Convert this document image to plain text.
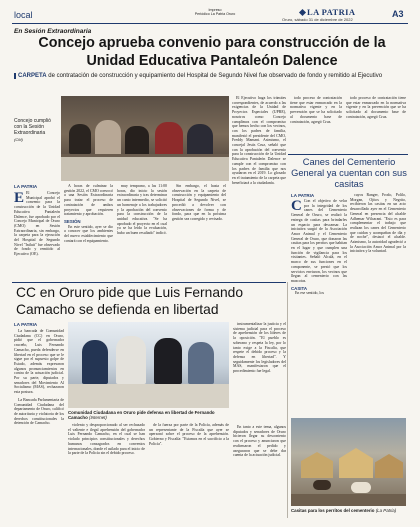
local	Impreso
Periódico La Patria Oruro	LA PATRIA
Oruro, sábado 31 de diciembre de 2022
A3
En Sesión Extraordinaria
Concejo aprueba convenio para construcción de la Unidad Educativa Pantaleón Dalence
CARPETA de contratación de construcción y equipamiento del Hospital de Segundo Nivel fue observado de fondo y remitido al Ejecutivo
Concejo cumplió con la Sesión Extraordinaria
(CM)
LA PATRIA
E El Concejo Municipal aprobó el convenio para la construcción de la Unidad Educativa Pantaleón Dalence, fue aprobado por el Concejo Municipal de Oruro (CMO) en Sesión Extraordinaria, sin embargo, la carpeta para la ejecución del Hospital de Segundo Nivel "Iniluit" fue observado de fondo y remitido al Ejecutivo (OE).

A horas de culminar la gestión 2022, el CMO convocó a una Sesión Extraordinaria para tratar el proceso de contratación de ambos proyectos que requieren tratamiento y aprobación.

SESIÓN

En este sentido, ayer se dio a conocer que los ambientes del nuevo establecimiento que contará con el equipamiento.

muy temprano, a las 11:00 horas, dio inicio la sesión extraordinaria y tras determinar un canto intermedio, se solicitó un homenaje a los trabajadores y la aprobación del convenio para la construcción de la unidad educativa. "Se ha aprobado el proyecto en el cual ya se ha leído la evaluación, hubo un buen resultado" indicó.

El Ejecutivo haga los trámites correspondientes, de acuerdo a las exigencias de la Unidad de Proyectos Especiales (UPRE), nosotros como Concejo cumplimos con el compromiso que hemos hecho con los vecinos, con los padres de familia, manifestó el presidente del CMO, Freddy Mamani. Asimismo, el concejal Jesús Cruz, señaló que con la aprobación del convenio para la construcción de la Unidad Educativa Pantaleón Dalence se cumple con el compromiso con los padres de familia que nos ayudaron en el 2019. Lo glosado en el tratamiento de la carpeta que beneficiará a la ciudadanía.

Sin embargo, el hasta el observación en la carpeta de construcción y equipamiento del Hospital de Segundo Nivel, se procedió a devolver con observaciones de forma y de fondo, para que en la próxima gestión sea corregido y revisado.

todo proceso de contratación tiene que estar enmarcado en la normativa vigente y en la prevención que se ha solicitado al documento base de contratación, agregó Cruz.

todo proceso de contratación tiene que estar enmarcado en la normativa vigente y en la prevención que se ha solicitado al documento base de contratación, agregó Cruz.

Canes del Cementerio General ya cuentan con sus casitas
LA PATRIA
C Con el objetivo de velar por la integridad de los canes del Cementerio General de Oruro, se realizó la entrega de casitas para brindarles un espacio para descansar. La iniciativa surgió de la Asociación Amor Animal y el Cementerio General de Oruro, que donaron las casitas para los perritos que habitan en el lugar y que cumplen una función de vigilancia para los visitantes. Señaló Alcalá, en el marco de sus funciones en el componente, se prestó que los servicios enviaron, los vecinos que llegan al cementerio con las mascotas.
CASITA

En ese sentido, los

cuyos Ranger, Frodo, Polilo, Morgan, Ojitos y Negrito, recibieron las casitas en un acto desarrollado ayer en el Cementerio General en presencia del alcalde Adhemar Wilcarani. "Esto es para complementar el trabajo que realizan los canes del Cementerio que cuidan y acompañan de día y de noche", destacó el alcalde. Asimismo, la autoridad agradeció a la Asociación Amor Animal por la iniciativa y la voluntad.

Casitas para los perritos del cementerio (La Patria)
CC en Oruro pide que Luis Fernando Camacho se defienda en libertad
LA PATRIA

La bancada de Comunidad Ciudadana (CC) en Oruro, pidió que el gobernador cruceño, Luis Fernando Camacho, pueda defenderse en libertad en el proceso que se le sigue por el supuesto golpe de Estado, además expresaron algunos pronunciamientos en contra de la actuación judicial. Por su parte, diputados y senadores del Movimiento Al Socialismo (MAS), rechazaron esta postura.

La Bancada Parlamentaria de Comunidad Ciudadana del departamento de Oruro, calificó de autoritaria y violatoria de los derechos constitucionales la detención de Camacho.

Comunidad Ciudadana en Oruro pide defensa en libertad de Fernando Camacho (Internet)

violento y desproporcionado al ser rechazado el valiente e ilegal aprehensión del gobernador Luis Fernando Camacho, en el cual se han violado principios constitucionales y derechos humanos consagrados en convenios internacionales, donde el asilado para el inicio de la parte de la Policía sin el debido proceso.

de la fuerza por parte de la Policía, además de un representante de la Fiscalía que ayer se apersonó sobre el proceso de la aprehensión. Gobierno y Fiscalía: "Estamos en el sacrificio a la Policía".

instrumentalizar la justicia y el sistema judicial para el proceso de aprehensión de los líderes de la oposición. "El pueblo es soberano y respeta la ley, por lo tanto exige a la Fiscalía, que respete el debido proceso y la defensa en libertad". Y seguidamente los legisladores del MAS, manifestaron que el procedimiento fue legal.

En tanto a este tema, algunos diputados y senadores de Oruro hicieron llegar su descontento con el proceso y anunciaron que reafirmaron el pedido y aseguraron que se debe dar cuenta de la actuación judicial.
